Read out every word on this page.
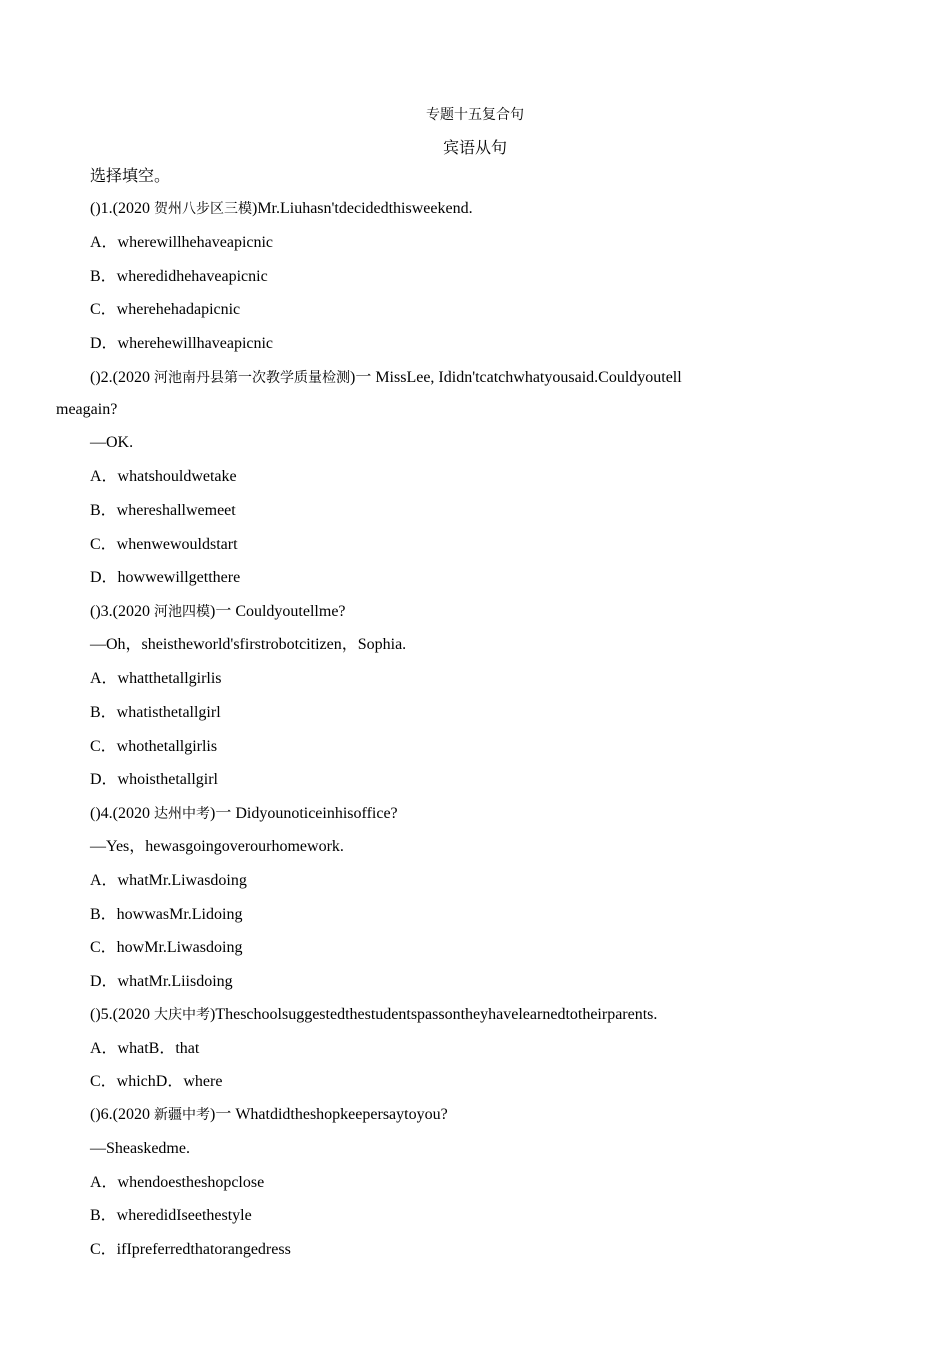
专题十五复合句
宾语从句
选择填空。
()1.(2020 贺州八步区三模)Mr.Liuhasn'tdecidedthisweekend.
A．wherewillhehaveapicnic
B．wheredidhehaveapicnic
C．wherehehadapicnic
D．wherehewillhaveapicnic
()2.(2020 河池南丹县第一次教学质量检测)一 MissLee, Ididn'tcatchwhatyousaid.Couldyoutell
meagain?
—OK.
A．whatshouldwetake
B．whereshallwemeet
C．whenwewouldstart
D．howwewillgetthere
()3.(2020 河池四模)一 Couldyoutellme?
—Oh，sheistheworld'sfirstrobotcitizen，Sophia.
A．whatthetallgirlis
B．whatisthetallgirl
C．whothetallgirlis
D．whoisthetallgirl
()4.(2020 达州中考)一 Didyounoticeinhisoffice?
—Yes，hewasgoingoverourhomework.
A．whatMr.Liwasdoing
B．howwasMr.Lidoing
C．howMr.Liwasdoing
D．whatMr.Liisdoing
()5.(2020 大庆中考)Theschoolsuggestedthestudentspassontheyhavelearnedtotheirparents.
A．whatB．that
C．whichD．where
()6.(2020 新疆中考)一 Whatdidtheshopkeepersaytoyou?
—Sheaskedme.
A．whendoestheshopclose
B．wheredidIseethestyle
C．ifIpreferredthatorangedress
